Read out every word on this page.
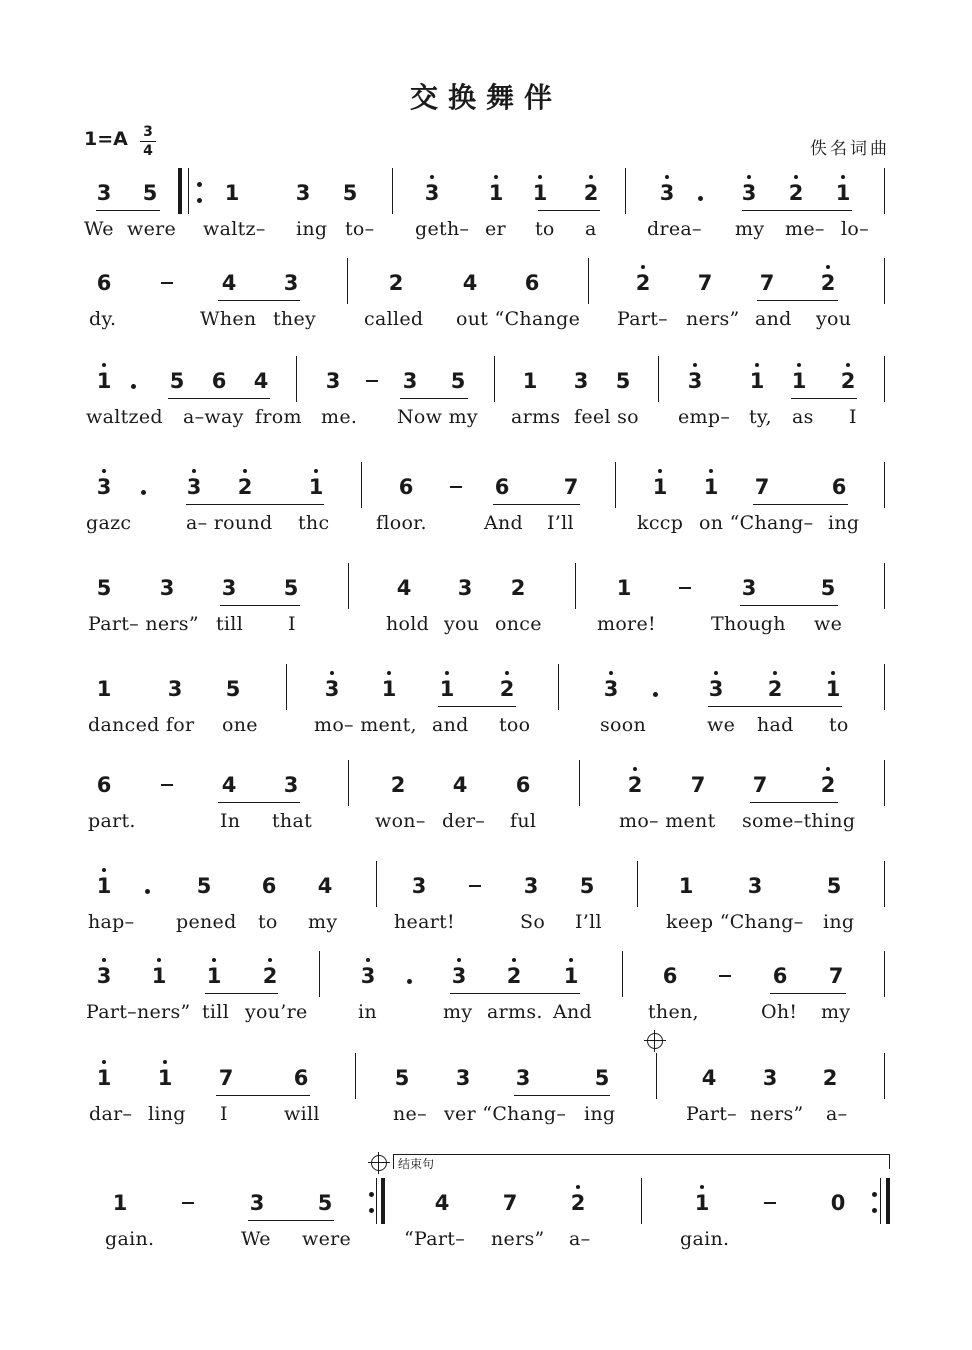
交换舞伴
1=A 3
4	佚名词曲
3 5	1	3 5	3 1 1 2	3	3 2 1
We were waltz– ing to– geth– er to a	drea– my me– lo–
6	4 3	2	4 6	2 7 7 2
dy.	When they	called out “Change Part– ners” and you
1	5 6 4	3	3 5	1 3 5	3 1 1 2
waltzed a–way from me. Now my arms feel so emp– ty, as I
3	3 2	1	6	6	7	1 1 7	6
gazc	a– round thc floor.	And I’ll	kccp on “Chang– ing
5 3 3 5	4 3 2	1	3	5
Part– ners” till I	hold you once	more!	Though we
1	3 5	3 1 1 2	3	3 2 1
danced for one	mo– ment, and too	soon	we had to
6	4 3	2 4 6	2 7 7	2
part.	In that	won– der– ful	mo– ment some–thing
1	5 6 4	3	3 5	1	3	5
hap– pened to my	heart!	So I’ll	keep “Chang– ing
3 1 1 2	3	3 2 1	6	6 7
Part–ners” till you’re	in	my arms. And	then,	Oh! my
1 1 7	6	5 3 3	5	4 3 2
dar– ling I	will	ne– ver “Chang– ing	Part– ners” a–
1	3	5	4	7	2	1	0
gain.	We were	“Part– ners” a–	gain.
结束句
